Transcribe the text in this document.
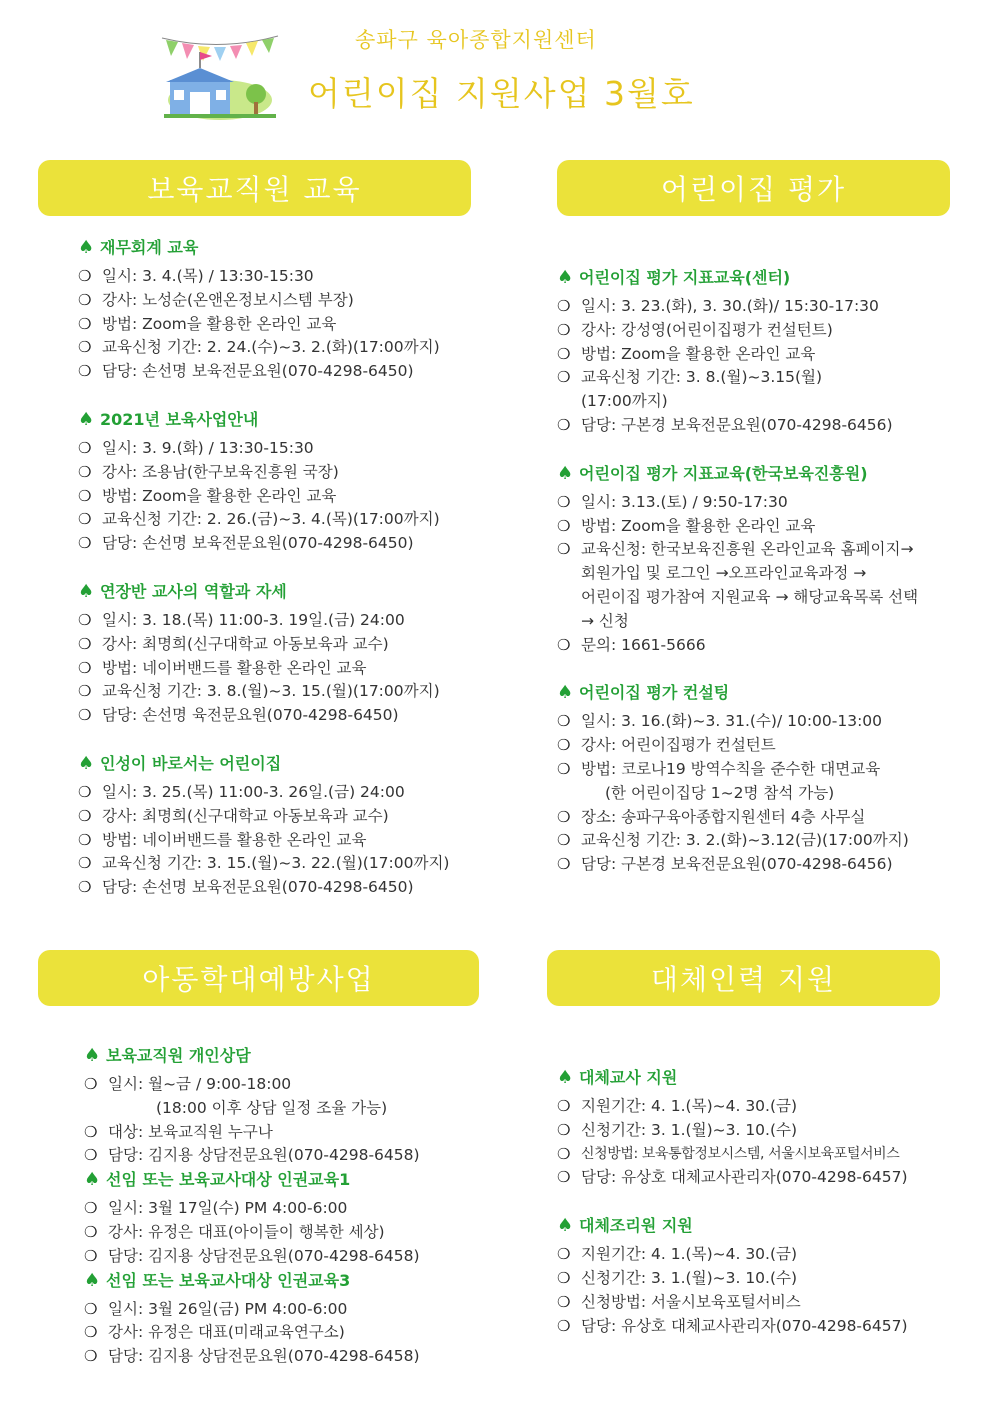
송파구 육아종합지원센터
어린이집 지원사업 3월호
보육교직원 교육	어린이집 평가
아동학대예방사업	대체인력 지원
♠ 재무회계 교육
❍ 일시: 3. 4.(목) / 13:30-15:30
❍ 강사: 노성순(온앤온정보시스템 부장)
❍ 방법: Zoom을 활용한 온라인 교육
❍ 교육신청 기간: 2. 24.(수)~3. 2.(화)(17:00까지)
❍ 담당: 손선명 보육전문요원(070-4298-6450)
♠ 2021년 보육사업안내
❍ 일시: 3. 9.(화) / 13:30-15:30
❍ 강사: 조용남(한구보육진흥원 국장)
❍ 방법: Zoom을 활용한 온라인 교육
❍ 교육신청 기간: 2. 26.(금)~3. 4.(목)(17:00까지)
❍ 담당: 손선명 보육전문요원(070-4298-6450)
♠ 연장반 교사의 역할과 자세
❍ 일시: 3. 18.(목) 11:00-3. 19일.(금) 24:00
❍ 강사: 최명희(신구대학교 아동보육과 교수)
❍ 방법: 네이버밴드를 활용한 온라인 교육
❍ 교육신청 기간: 3. 8.(월)~3. 15.(월)(17:00까지)
❍ 담당: 손선명 육전문요원(070-4298-6450)
♠ 인성이 바로서는 어린이집
❍ 일시: 3. 25.(목) 11:00-3. 26일.(금) 24:00
❍ 강사: 최명희(신구대학교 아동보육과 교수)
❍ 방법: 네이버밴드를 활용한 온라인 교육
❍ 교육신청 기간: 3. 15.(월)~3. 22.(월)(17:00까지)
❍ 담당: 손선명 보육전문요원(070-4298-6450)
♠ 어린이집 평가 지표교육(센터)
❍ 일시: 3. 23.(화), 3. 30.(화)/ 15:30-17:30
❍ 강사: 강성영(어린이집평가 컨설턴트)
❍ 방법: Zoom을 활용한 온라인 교육
❍ 교육신청 기간: 3. 8.(월)~3.15(월)
(17:00까지)
❍ 담당: 구본경 보육전문요원(070-4298-6456)
♠ 어린이집 평가 지표교육(한국보육진흥원)
❍ 일시: 3.13.(토) / 9:50-17:30
❍ 방법: Zoom을 활용한 온라인 교육
❍ 교육신청: 한국보육진흥원 온라인교육 홈페이지→
회원가입 및 로그인 →오프라인교육과정 →
어린이집 평가참여 지원교육 → 해당교육목록 선택
→ 신청
❍ 문의: 1661-5666
♠ 어린이집 평가 컨설팅
❍ 일시: 3. 16.(화)~3. 31.(수)/ 10:00-13:00
❍ 강사: 어린이집평가 컨설턴트
❍ 방법: 코로나19 방역수칙을 준수한 대면교육
(한 어린이집당 1~2명 참석 가능)
❍ 장소: 송파구육아종합지원센터 4층 사무실
❍ 교육신청 기간: 3. 2.(화)~3.12(금)(17:00까지)
❍ 담당: 구본경 보육전문요원(070-4298-6456)
♠ 보육교직원 개인상담
❍ 일시: 월~금 / 9:00-18:00
(18:00 이후 상담 일정 조율 가능)
❍ 대상: 보육교직원 누구나
❍ 담당: 김지용 상담전문요원(070-4298-6458)
♠ 선임 또는 보육교사대상 인권교육1
❍ 일시: 3월 17일(수) PM 4:00-6:00
❍ 강사: 유정은 대표(아이들이 행복한 세상)
❍ 담당: 김지용 상담전문요원(070-4298-6458)
♠ 선임 또는 보육교사대상 인권교육3
❍ 일시: 3월 26일(금) PM 4:00-6:00
❍ 강사: 유정은 대표(미래교육연구소)
❍ 담당: 김지용 상담전문요원(070-4298-6458)
♠ 대체교사 지원
❍ 지원기간: 4. 1.(목)~4. 30.(금)
❍ 신청기간: 3. 1.(월)~3. 10.(수)
❍ 신청방법: 보육통합정보시스템, 서울시보육포털서비스
❍ 담당: 유상호 대체교사관리자(070-4298-6457)
♠ 대체조리원 지원
❍ 지원기간: 4. 1.(목)~4. 30.(금)
❍ 신청기간: 3. 1.(월)~3. 10.(수)
❍ 신청방법: 서울시보육포털서비스
❍ 담당: 유상호 대체교사관리자(070-4298-6457)
